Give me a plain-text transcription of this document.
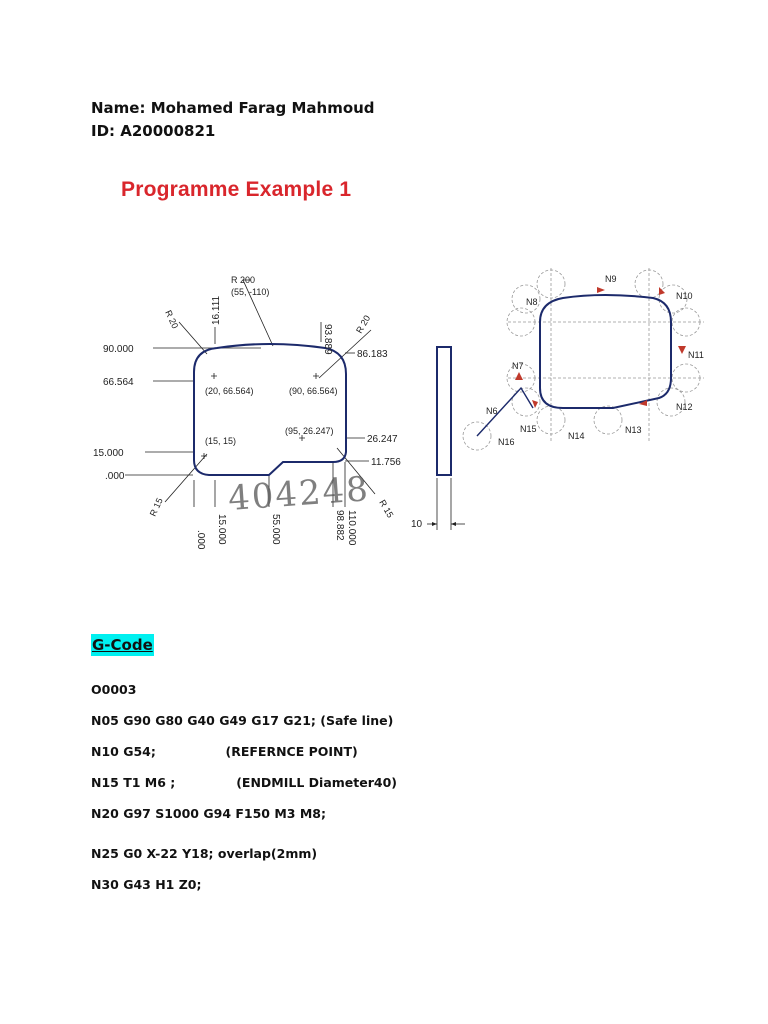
Name: Mohamed Farag Mahmoud
ID: A20000821
Programme Example 1
R 200
(55, -110)
R 20	R 20
R 15	R 15
90.000
66.564
15.000
.000
86.183
26.247
11.756
16.111
93.889
.000 15.000	55.000	98.882 110.000
(20, 66.564)	(90, 66.564)
(15, 15)
(95, 26.247)
404248
10
N9
N10
N8
N7
N11
N12
N13
N14
N15
N6
N16
G-Code
O0003
N05 G90 G80 G40 G49 G17 G21; (Safe line)
N10 G54;                (REFERNCE POINT)
N15 T1 M6 ;              (ENDMILL Diameter40)
N20 G97 S1000 G94 F150 M3 M8;
N25 G0 X-22 Y18; overlap(2mm)
N30 G43 H1 Z0;
